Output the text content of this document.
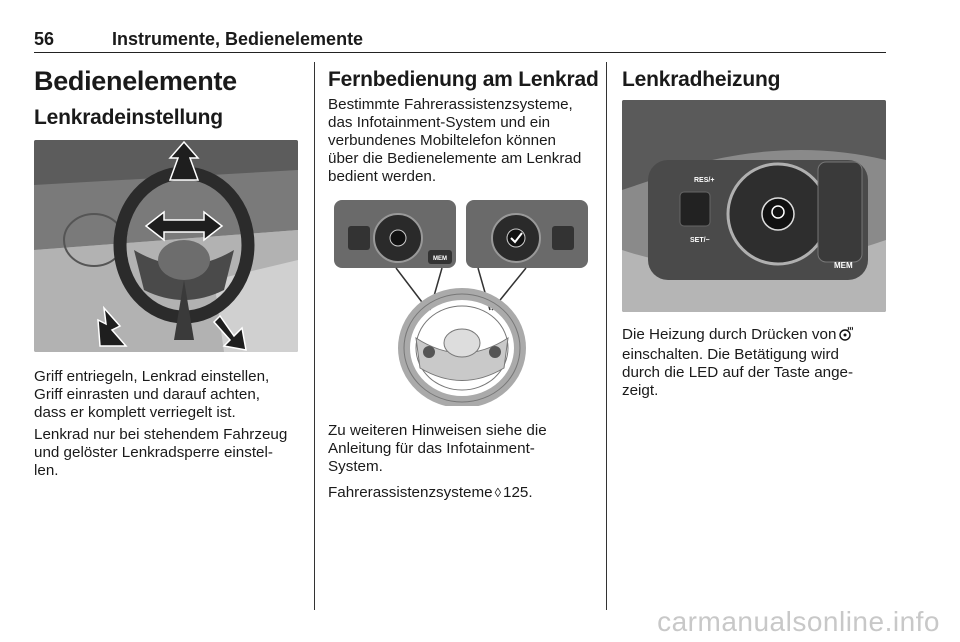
56	Instrumente, Bedienelemente
Bedienelemente
Lenkradeinstellung
Griff entriegeln, Lenkrad einstellen,
Griff einrasten und darauf achten,
dass er komplett verriegelt ist.
Lenkrad nur bei stehendem Fahrzeug
und gelöster Lenkradsperre einstel-
len.
Fernbedienung am Lenkrad
Bestimmte Fahrerassistenzsysteme,
das Infotainment-System und ein
verbundenes Mobiltelefon können
über die Bedienelemente am Lenkrad
bedient werden.
MEM
Zu weiteren Hinweisen siehe die
Anleitung für das Infotainment-
System.
Fahrerassistenzsysteme ◊ 125.
Lenkradheizung
RES/+
SET/−
MEM
Die Heizung durch Drücken von
einschalten. Die Betätigung wird
durch die LED auf der Taste ange-
zeigt.
carmanualsonline.info
